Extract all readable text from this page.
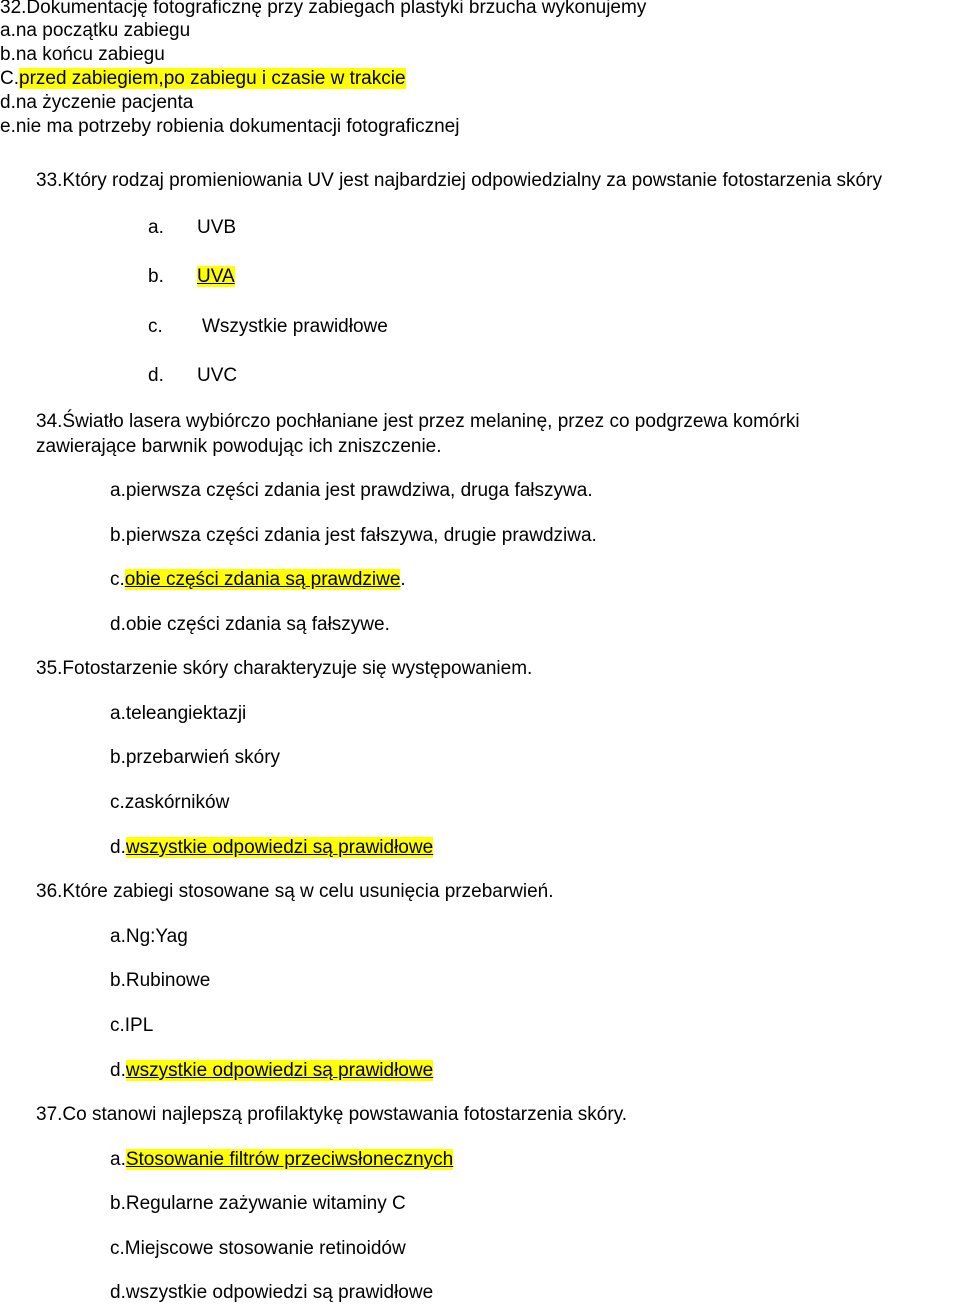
32.Dokumentację fotograficznę przy zabiegach plastyki brzucha wykonujemy
a.na początku zabiegu
b.na końcu zabiegu
C.przed zabiegiem,po zabiegu i czasie w trakcie
d.na życzenie pacjenta
e.nie ma potrzeby robienia dokumentacji fotograficznej
33.Który rodzaj promieniowania UV jest najbardziej odpowiedzialny za powstanie fotostarzenia skóry
a. UVB
b. UVA
c. Wszystkie prawidłowe
d. UVC
34.Światło lasera wybiórczo pochłaniane jest przez melaninę, przez co podgrzewa komórki
zawierające barwnik powodując ich zniszczenie.
a.pierwsza części zdania jest prawdziwa, druga fałszywa.
b.pierwsza części zdania jest fałszywa, drugie prawdziwa.
c.obie części zdania są prawdziwe.
d.obie części zdania są fałszywe.
35.Fotostarzenie skóry charakteryzuje się występowaniem.
a.teleangiektazji
b.przebarwień skóry
c.zaskórników
d.wszystkie odpowiedzi są prawidłowe
36.Które zabiegi stosowane są w celu usunięcia przebarwień.
a.Ng:Yag
b.Rubinowe
c.IPL
d.wszystkie odpowiedzi są prawidłowe
37.Co stanowi najlepszą profilaktykę powstawania fotostarzenia skóry.
a.Stosowanie filtrów przeciwsłonecznych
b.Regularne zażywanie witaminy C
c.Miejscowe stosowanie retinoidów
d.wszystkie odpowiedzi są prawidłowe
